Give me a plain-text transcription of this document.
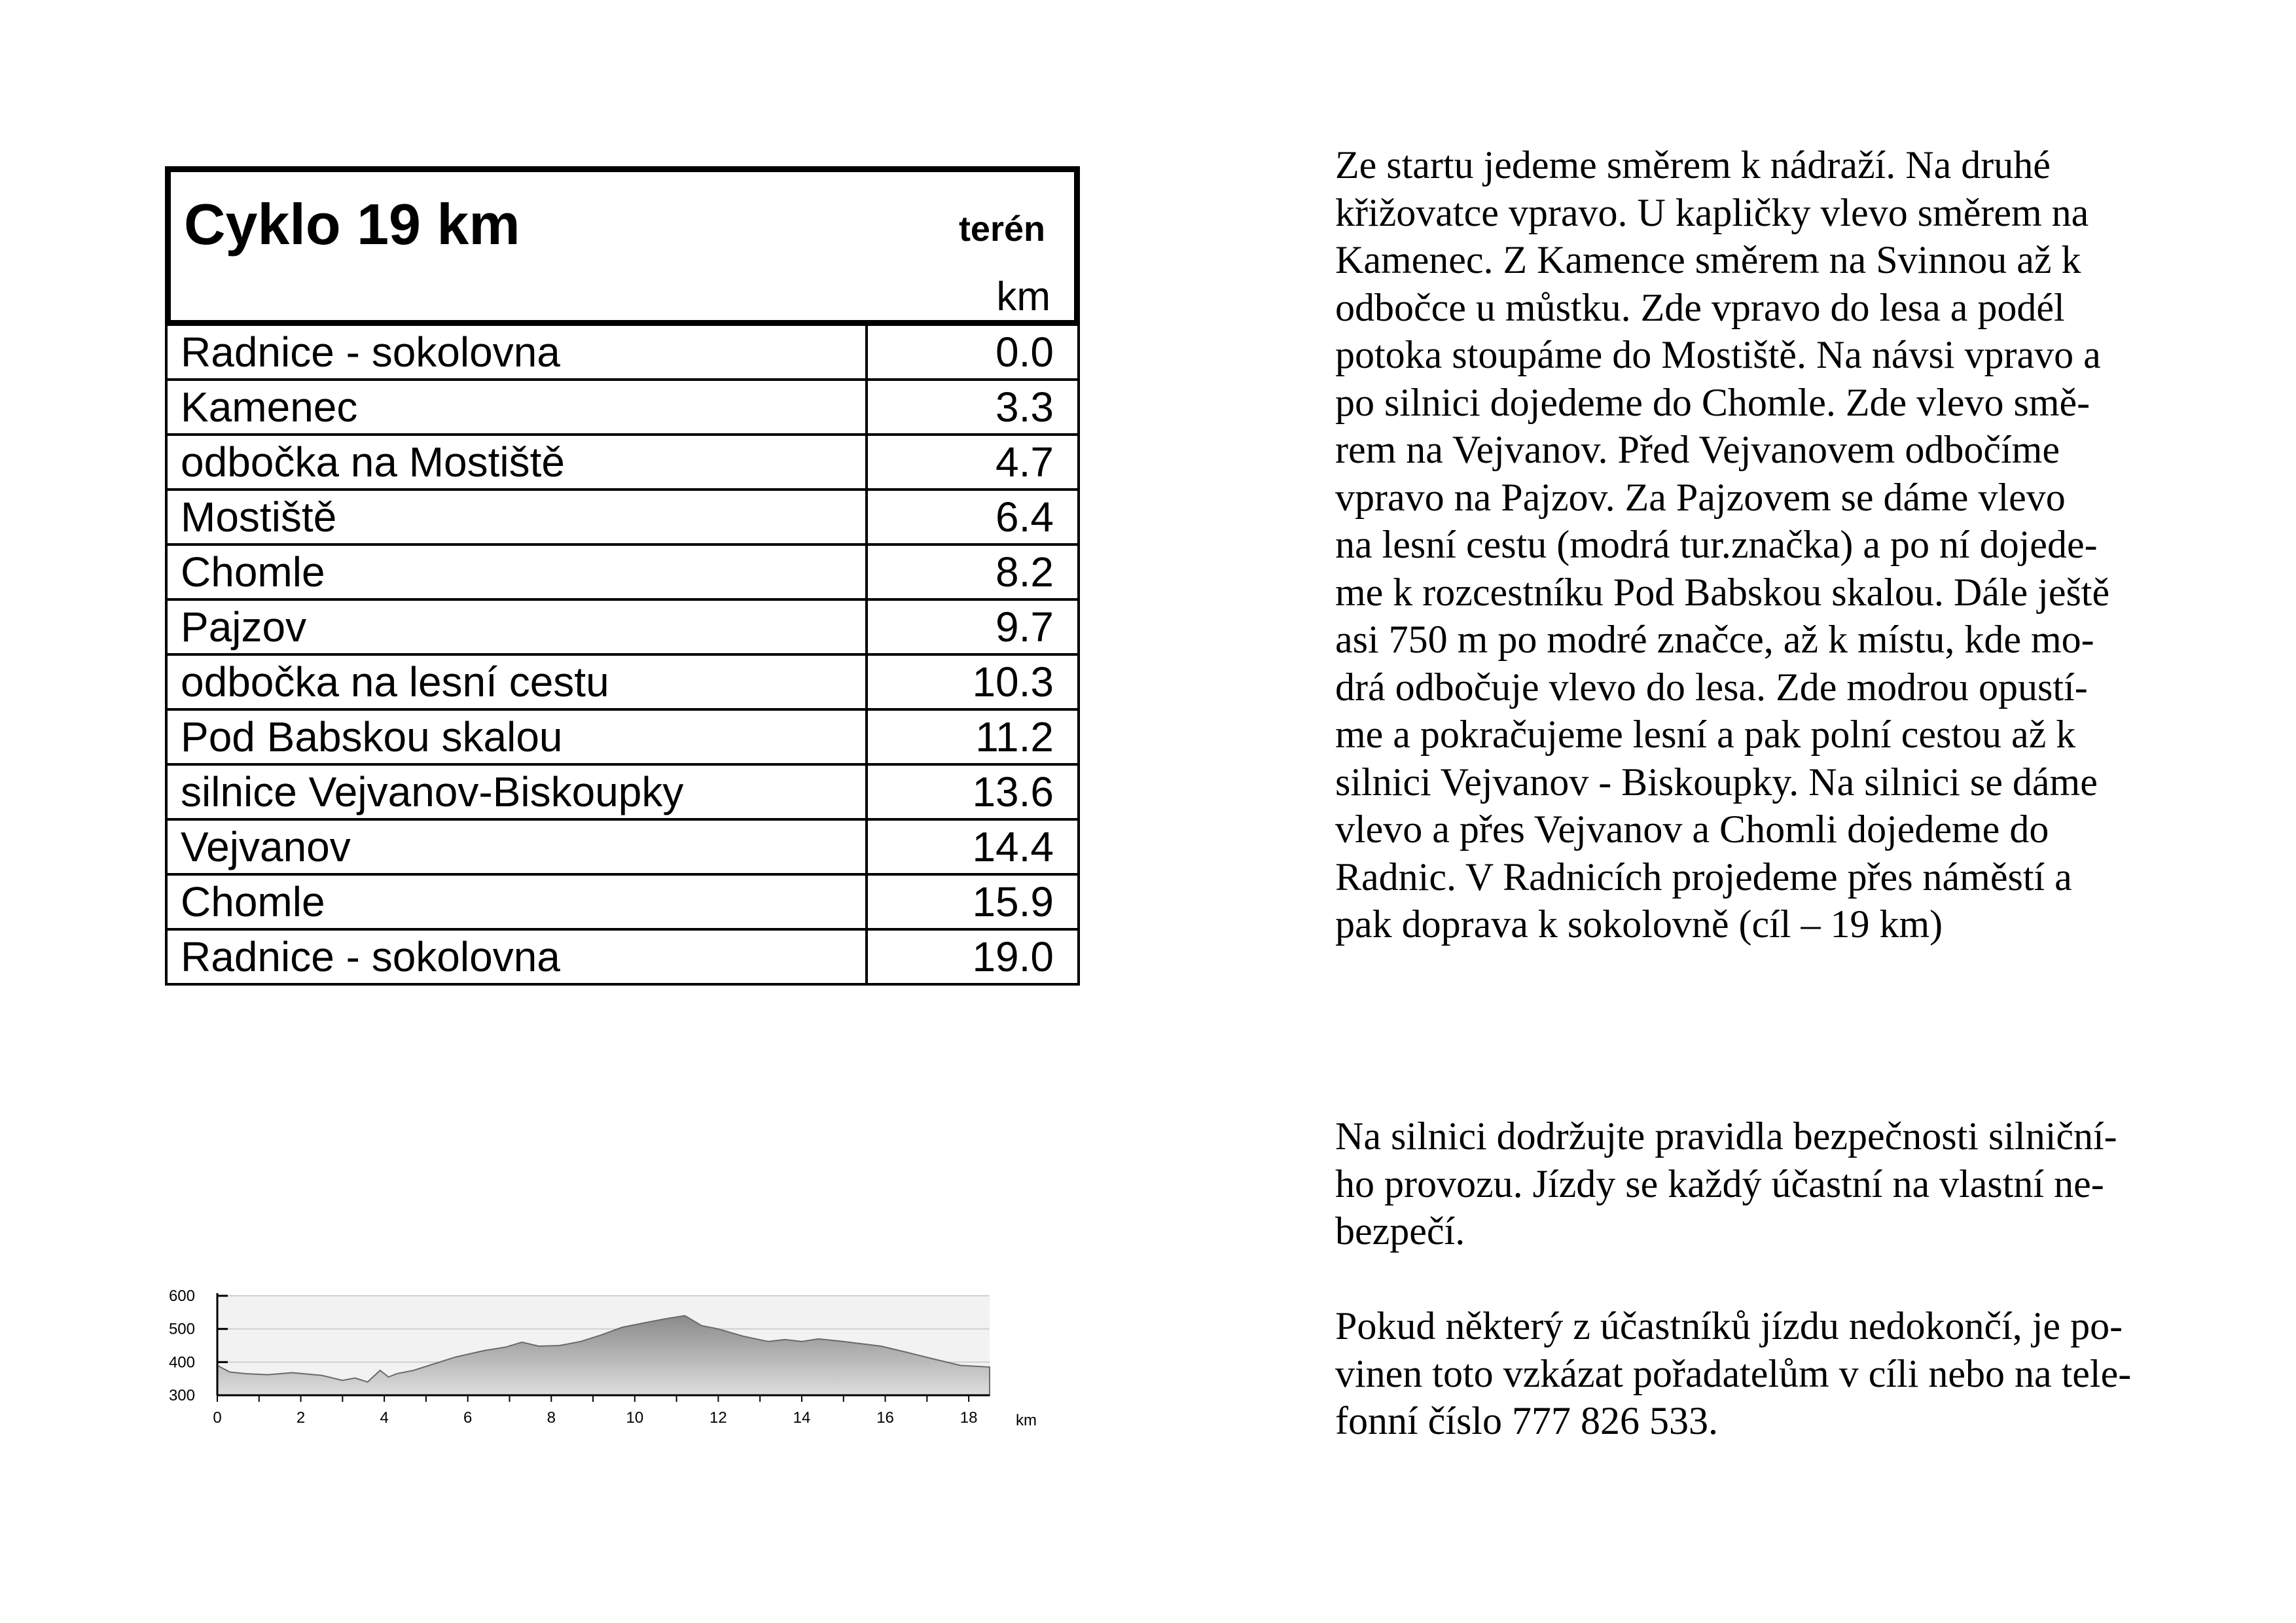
Cyklo 19 km	terén
km
Radnice - sokolovna	0.0
Kamenec	3.3
odbočka na Mostiště	4.7
Mostiště	6.4
Chomle	8.2
Pajzov	9.7
odbočka na lesní cestu	10.3
Pod Babskou skalou	11.2
silnice Vejvanov-Biskoupky	13.6
Vejvanov	14.4
Chomle	15.9
Radnice - sokolovna	19.0
Ze startu jedeme směrem k nádraží. Na druhé
křižovatce vpravo. U kapličky vlevo směrem na
Kamenec. Z Kamence směrem na Svinnou až k
odbočce u můstku. Zde vpravo do lesa a podél
potoka stoupáme do Mostiště. Na návsi vpravo a
po silnici dojedeme do Chomle. Zde vlevo smě-
rem na Vejvanov. Před Vejvanovem odbočíme
vpravo na Pajzov. Za Pajzovem se dáme vlevo
na lesní cestu (modrá tur.značka) a po ní dojede-
me k rozcestníku Pod Babskou skalou. Dále ještě
asi 750 m po modré značce, až k místu, kde mo-
drá odbočuje vlevo do lesa. Zde modrou opustí-
me a pokračujeme lesní a pak polní cestou až k
silnici Vejvanov - Biskoupky. Na silnici se dáme
vlevo a přes Vejvanov a Chomli dojedeme do
Radnic. V Radnicích projedeme přes náměstí a
pak doprava k sokolovně (cíl – 19 km)
Na silnici dodržujte pravidla bezpečnosti silniční-
ho provozu. Jízdy se každý účastní na vlastní ne-
bezpečí.
Pokud některý z účastníků jízdu nedokončí, je po-
vinen toto vzkázat pořadatelům v cíli nebo na tele-
fonní číslo 777 826 533.
300
400
500
600
0	2	4	6	8	10	12	14	16	18 km
